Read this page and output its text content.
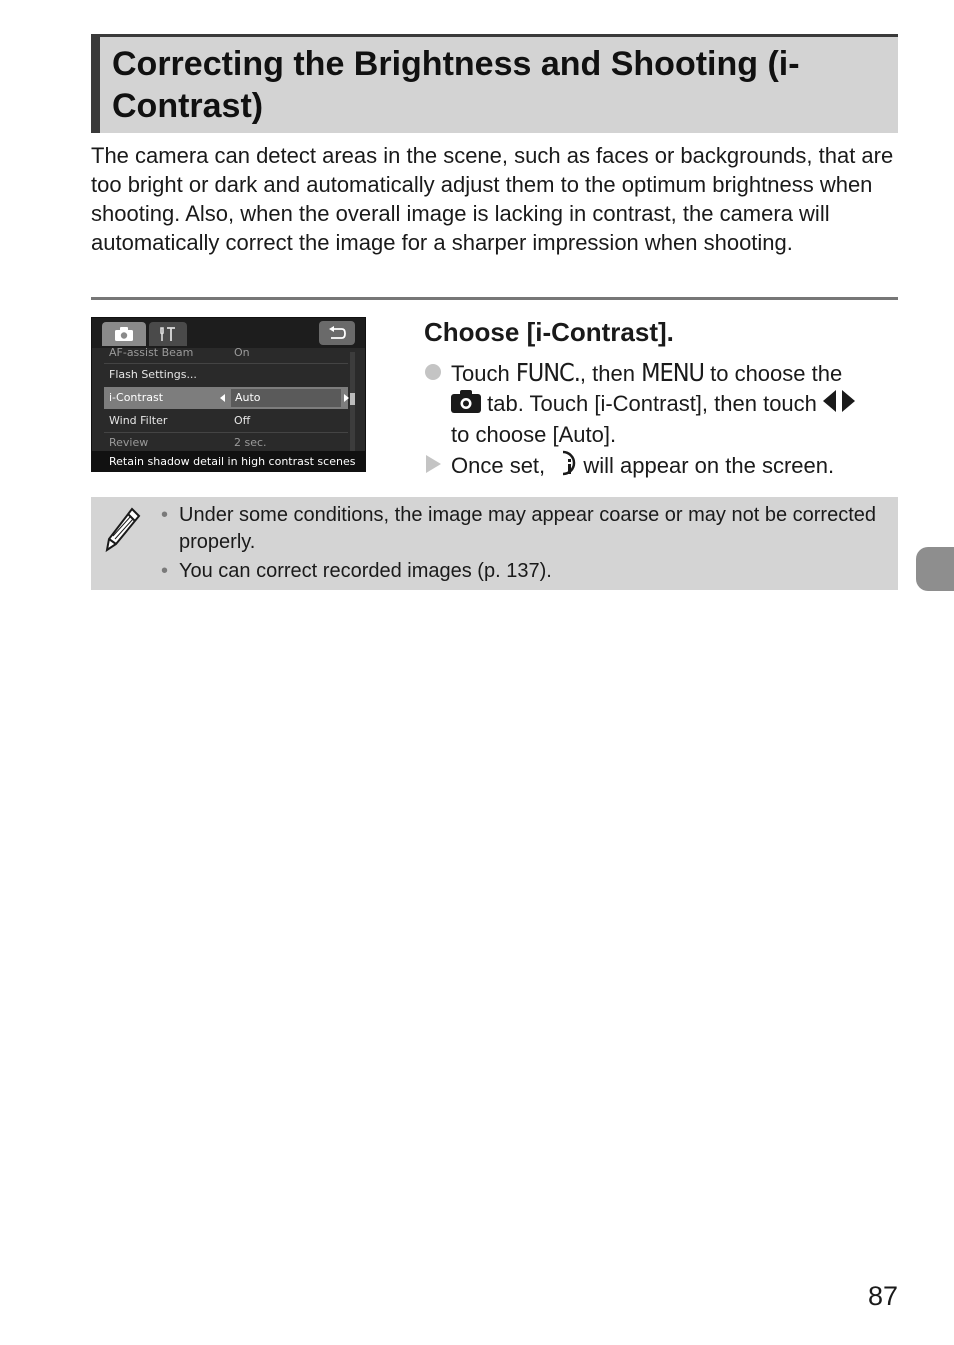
Correcting the Brightness and Shooting (i-Contrast)

The camera can detect areas in the scene, such as faces or backgrounds, that are too bright or dark and automatically adjust them to the optimum brightness when shooting. Also, when the overall image is lacking in contrast, the camera will automatically correct the image for a sharper impression when shooting.

AF-assist Beam	On
Flash Settings...
i-Contrast	Auto
Wind Filter	Off
Review	2 sec.
Retain shadow detail in high contrast scenes
Choose [i-Contrast].
Touch FUNC., then MENU to choose the
tab. Touch [i-Contrast], then touch
to choose [Auto].
Once set,  will appear on the screen.
• Under some conditions, the image may appear coarse or may not be corrected properly.
• You can correct recorded images (p. 137).
87
